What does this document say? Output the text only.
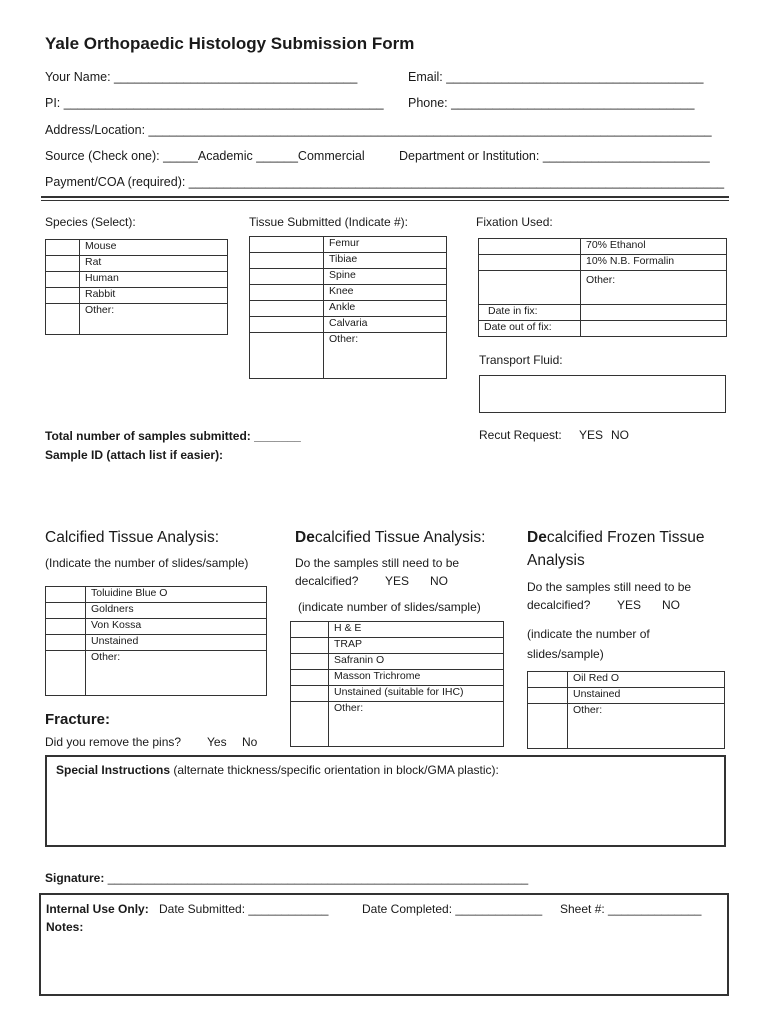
Yale Orthopaedic Histology Submission Form
Your Name: ___________________________________	Email: _____________________________________
PI: ______________________________________________ Phone: ___________________________________
Address/Location: _________________________________________________________________________________
Source (Check one): _____Academic ______Commercial	Department or Institution: ________________________
Payment/COA (required): _____________________________________________________________________________
Species (Select):
	Mouse
	Rat
	Human
	Rabbit
	Other:
Tissue Submitted (Indicate #):
	Femur
	Tibiae
	Spine
	Knee
	Ankle
	Calvaria
	Other:
Fixation Used:
	70% Ethanol
	10% N.B. Formalin
	Other:
Date in fix:	
Date out of fix:	
Transport Fluid:
Total number of samples submitted: _______
Sample ID (attach list if easier):
Recut Request: YES NO
Calcified Tissue Analysis:
(Indicate the number of slides/sample)
	Toluidine Blue O
	Goldners
	Von Kossa
	Unstained
	Other:
Fracture:
Did you remove the pins? Yes No
Decalcified Tissue Analysis:
Do the samples still need to be
decalcified? YES NO
(indicate number of slides/sample)
	H & E
	TRAP
	Safranin O
	Masson Trichrome
	Unstained (suitable for IHC)
	Other:
Decalcified Frozen Tissue
Analysis
Do the samples still need to be
decalcified? YES NO
(indicate the number of
slides/sample)
	Oil Red O
	Unstained
	Other:
Special Instructions (alternate thickness/specific orientation in block/GMA plastic):
Signature: _______________________________________________________________
Internal Use Only: Date Submitted: ____________	Date Completed: _____________ Sheet #: ______________
Notes:
